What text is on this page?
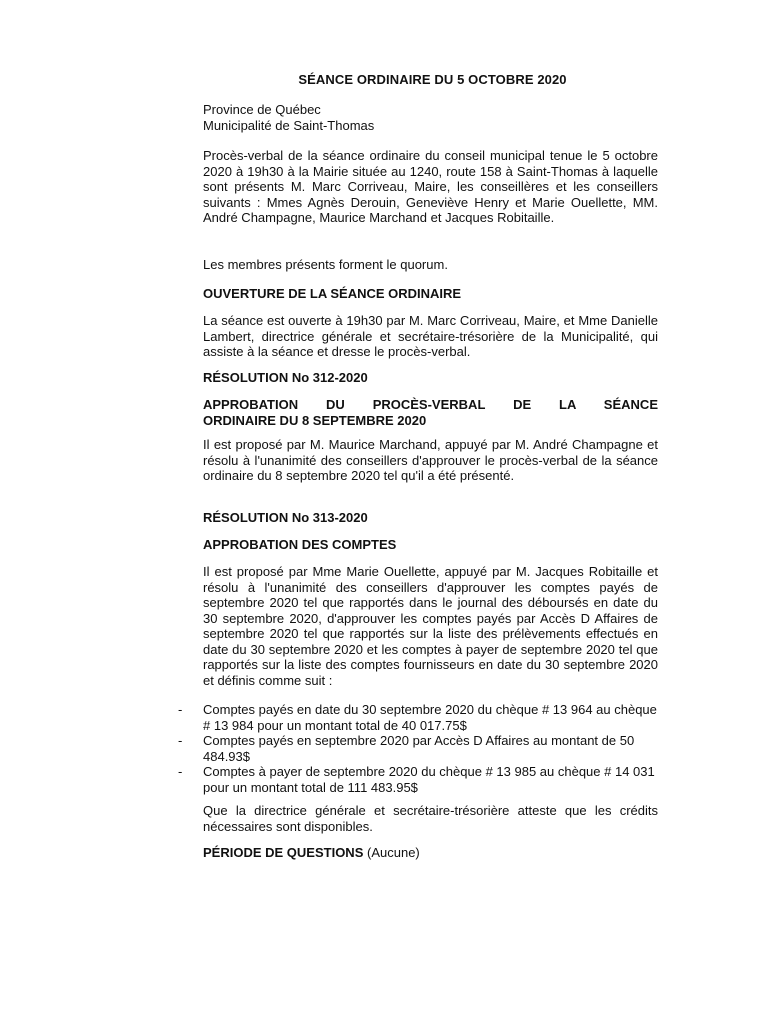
SÉANCE ORDINAIRE DU 5 OCTOBRE 2020

Province de Québec

Municipalité de Saint-Thomas

Procès-verbal de la séance ordinaire du conseil municipal tenue le 5 octobre 2020 à 19h30 à la Mairie située au 1240, route 158 à Saint-Thomas à laquelle sont présents M. Marc Corriveau, Maire, les conseillères et les conseillers suivants : Mmes Agnès Derouin, Geneviève Henry et Marie Ouellette, MM. André Champagne, Maurice Marchand et Jacques Robitaille.

Les membres présents forment le quorum.

OUVERTURE DE LA SÉANCE ORDINAIRE

La séance est ouverte à 19h30 par M. Marc Corriveau, Maire, et Mme Danielle Lambert, directrice générale et secrétaire-trésorière de la Municipalité, qui assiste à la séance et dresse le procès-verbal.

RÉSOLUTION No 312-2020

APPROBATION DU PROCÈS-VERBAL DE LA SÉANCE

ORDINAIRE DU 8 SEPTEMBRE 2020

Il est proposé par M. Maurice Marchand, appuyé par M. André Champagne et résolu à l'unanimité des conseillers d'approuver le procès-verbal de la séance ordinaire du 8 septembre 2020 tel qu'il a été présenté.

RÉSOLUTION No 313-2020

APPROBATION DES COMPTES

Il est proposé par Mme Marie Ouellette, appuyé par M. Jacques Robitaille et résolu à l'unanimité des conseillers d'approuver les comptes payés de septembre 2020 tel que rapportés dans le journal des déboursés en date du 30 septembre 2020, d'approuver les comptes payés par Accès D Affaires de septembre 2020 tel que rapportés sur la liste des prélèvements effectués en date du 30 septembre 2020 et les comptes à payer de septembre 2020 tel que rapportés sur la liste des comptes fournisseurs en date du 30 septembre 2020 et définis comme suit :

- Comptes payés en date du 30 septembre 2020 du chèque # 13 964 au chèque # 13 984 pour un montant total de 40 017.75$
- Comptes payés en septembre 2020 par Accès D Affaires au montant de 50 484.93$
- Comptes à payer de septembre 2020 du chèque # 13 985 au chèque # 14 031 pour un montant total de 111 483.95$

Que la directrice générale et secrétaire-trésorière atteste que les crédits nécessaires sont disponibles.

PÉRIODE DE QUESTIONS (Aucune)
